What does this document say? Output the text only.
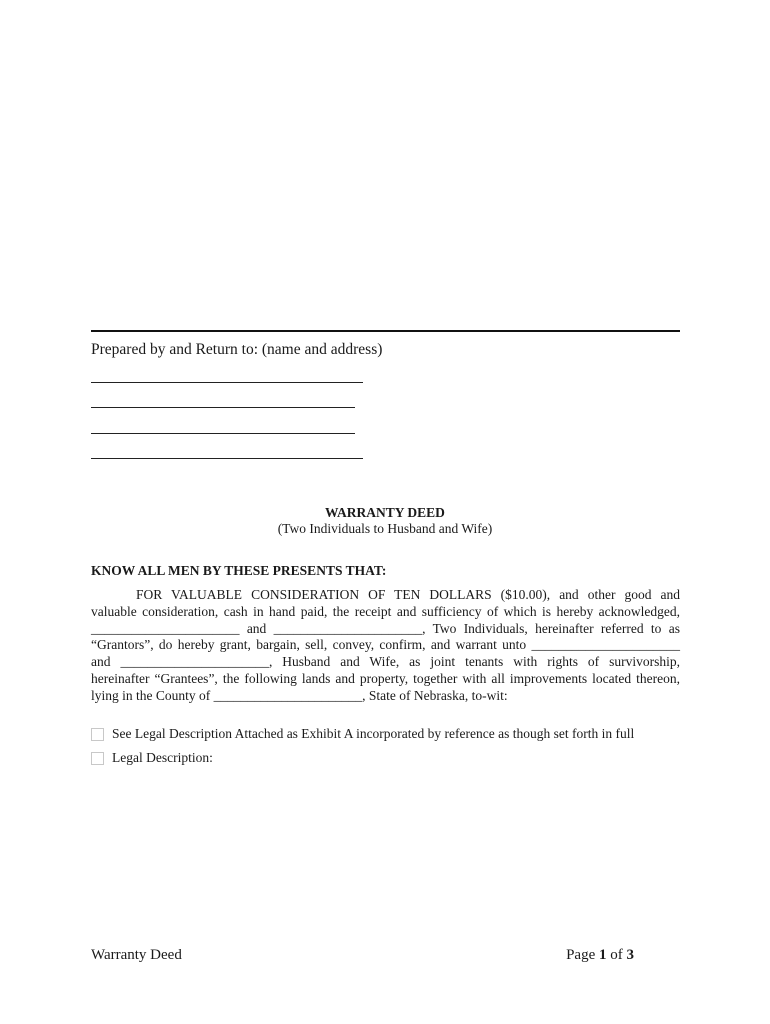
Prepared by and Return to: (name and address)
WARRANTY DEED
(Two Individuals to Husband and Wife)
KNOW ALL MEN BY THESE PRESENTS THAT:
FOR VALUABLE CONSIDERATION OF TEN DOLLARS ($10.00), and other good and
valuable consideration, cash in hand paid, the receipt and sufficiency of which is hereby acknowledged,
______________________ and ______________________, Two Individuals, hereinafter referred to as
“Grantors”, do hereby grant, bargain, sell, convey, confirm, and warrant unto ______________________
and ______________________, Husband and Wife, as joint tenants with rights of survivorship,
hereinafter “Grantees”, the following lands and property, together with all improvements located thereon,
lying in the County of ______________________, State of Nebraska, to-wit:
See Legal Description Attached as Exhibit A incorporated by reference as though set forth in full
Legal Description:
Warranty Deed	Page 1 of 3
